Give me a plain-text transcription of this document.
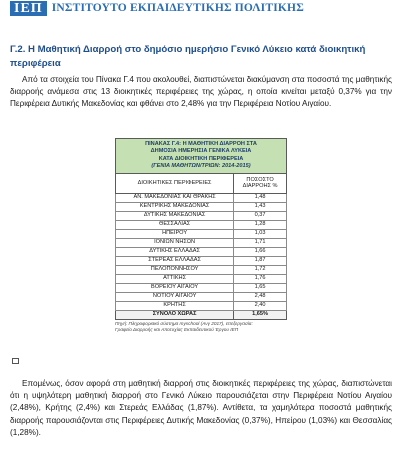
ΙΕΠ ΙΝΣΤΙΤΟΥΤΟ ΕΚΠΑΙΔΕΥΤΙΚΗΣ ΠΟΛΙΤΙΚΗΣ
Γ.2. Η Μαθητική Διαρροή στο δημόσιο ημερήσιο Γενικό Λύκειο κατά διοικητική περιφέρεια
Από τα στοιχεία του Πίνακα Γ.4 που ακολουθεί, διαπιστώνεται διακύμανση στα ποσοστά της μαθητικής διαρροής ανάμεσα στις 13 διοικητικές περιφέρειες της χώρας, η οποία κινείται μεταξύ 0,37% για την Περιφέρεια Δυτικής Μακεδονίας και φθάνει στο 2,48% για την Περιφέρεια Νοτίου Αιγαίου.
ΠΙΝΑΚΑΣ Γ.4: Η ΜΑΘΗΤΙΚΗ ΔΙΑΡΡΟΗ ΣΤΑ
ΔΗΜΟΣΙΑ ΗΜΕΡΗΣΙΑ ΓΕΝΙΚΑ ΛΥΚΕΙΑ
ΚΑΤΑ ΔΙΟΙΚΗΤΙΚΗ ΠΕΡΙΦΕΡΕΙΑ
(ΓΕΝΙΑ ΜΑΘΗΤΩΝ/ΤΡΙΩΝ: 2014-2015)	

ΔΙΟΙΚΗΤΙΚΕΣ ΠΕΡΙΦΕΡΕΙΕΣ	ΠΟΣΟΣΤΟ
ΔΙΑΡΡΟΗΣ %

ΑΝ. ΜΑΚΕΔΟΝΙΑΣ ΚΑΙ ΘΡΑΚΗΣ	1,48
ΚΕΝΤΡΙΚΗΣ ΜΑΚΕΔΟΝΙΑΣ	1,43
ΔΥΤΙΚΗΣ ΜΑΚΕΔΟΝΙΑΣ	0,37
ΘΕΣΣΑΛΙΑΣ	1,28
ΗΠΕΙΡΟΥ	1,03
ΙΟΝΙΩΝ ΝΗΣΩΝ	1,71
ΔΥΤΙΚΗΣ ΕΛΛΑΔΑΣ	1,66
ΣΤΕΡΕΑΣ ΕΛΛΑΔΑΣ	1,87
ΠΕΛΟΠΟΝΝΗΣΟΥ	1,72
ΑΤΤΙΚΗΣ	1,76
ΒΟΡΕΙΟΥ ΑΙΓΑΙΟΥ	1,65
ΝΟΤΙΟΥ ΑΙΓΑΙΟΥ	2,48
ΚΡΗΤΗΣ	2,40
ΣΥΝΟΛΟ ΧΩΡΑΣ	1,65%
Πηγή: Πληροφοριακό σύστημα myschool (Ανγ 2017), επεξεργασία:
Γραφείο Διαρροής και Αποτυχίας Εκπαιδευτικού Έργου ΙΕΠ
Επομένως, όσον αφορά στη μαθητική διαρροή στις διοικητικές περιφέρειες της χώρας, διαπιστώνεται ότι η υψηλότερη μαθητική διαρροή στο Γενικό Λύκειο παρουσιάζεται στην Περιφέρεια Νοτίου Αιγαίου (2,48%), Κρήτης (2,4%) και Στερεάς Ελλάδας (1,87%). Αντίθετα, τα χαμηλότερα ποσοστά μαθητικής διαρροής παρουσιάζονται στις Περιφέρειες Δυτικής Μακεδονίας (0,37%), Ηπείρου (1,03%) και Θεσσαλίας (1,28%).
